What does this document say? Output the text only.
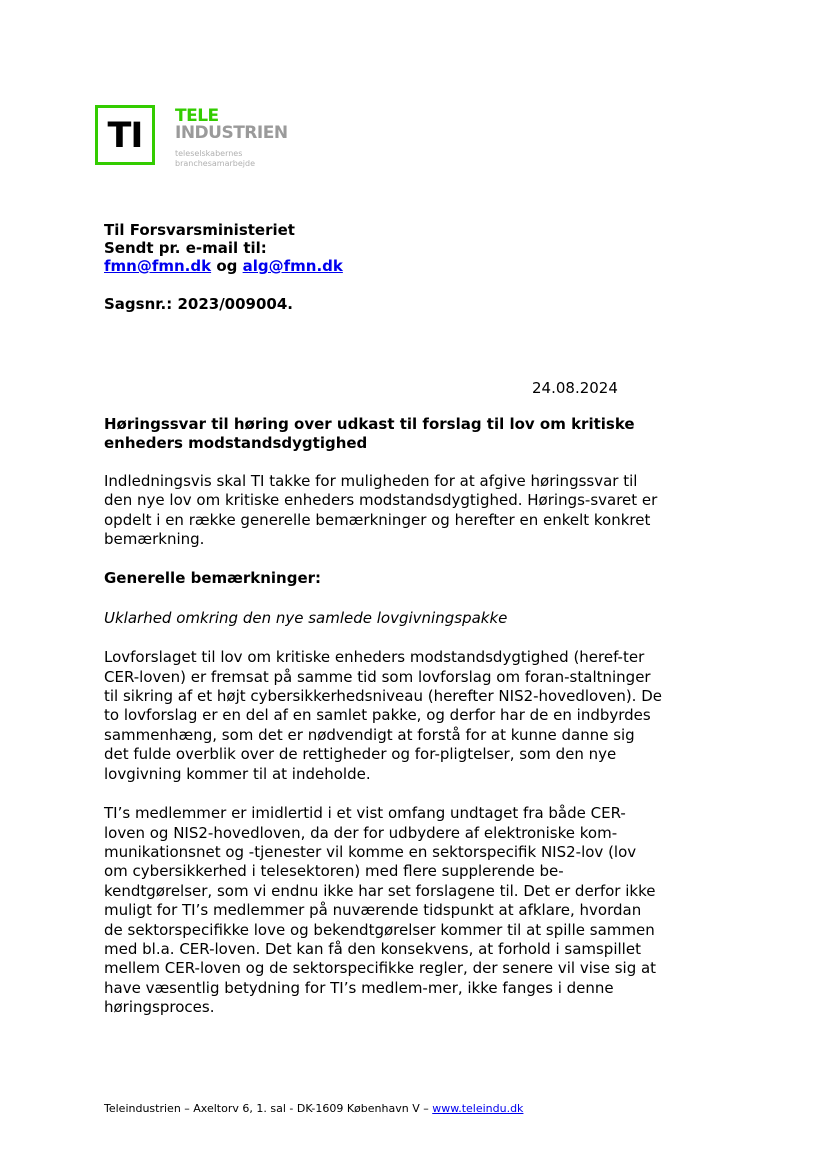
TI TELE
INDUSTRIEN
teleselskabernes
branchesamarbejde
Til Forsvarsministeriet
Sendt pr. e-mail til:
fmn@fmn.dk og alg@fmn.dk
Sagsnr.: 2023/009004.
24.08.2024

Høringssvar til høring over udkast til forslag til lov om kritiske enheders modstandsdygtighed

Indledningsvis skal TI takke for muligheden for at afgive høringssvar til den nye lov om kritiske enheders modstandsdygtighed. Hørings-svaret er opdelt i en række generelle bemærkninger og herefter en enkelt konkret bemærkning.

Generelle bemærkninger:

Uklarhed omkring den nye samlede lovgivningspakke

Lovforslaget til lov om kritiske enheders modstandsdygtighed (heref-ter CER-loven) er fremsat på samme tid som lovforslag om foran-staltninger til sikring af et højt cybersikkerhedsniveau (herefter NIS2-hovedloven). De to lovforslag er en del af en samlet pakke, og derfor har de en indbyrdes sammenhæng, som det er nødvendigt at forstå for at kunne danne sig det fulde overblik over de rettigheder og for-pligtelser, som den nye lovgivning kommer til at indeholde.

TI’s medlemmer er imidlertid i et vist omfang undtaget fra både CER-loven og NIS2-hovedloven, da der for udbydere af elektroniske kom-munikationsnet og -tjenester vil komme en sektorspecifik NIS2-lov (lov om cybersikkerhed i telesektoren) med flere supplerende be-kendtgørelser, som vi endnu ikke har set forslagene til. Det er derfor ikke muligt for TI’s medlemmer på nuværende tidspunkt at afklare, hvordan de sektorspecifikke love og bekendtgørelser kommer til at spille sammen med bl.a. CER-loven. Det kan få den konsekvens, at forhold i samspillet mellem CER-loven og de sektorspecifikke regler, der senere vil vise sig at have væsentlig betydning for TI’s medlem-mer, ikke fanges i denne høringsproces.

Teleindustrien – Axeltorv 6, 1. sal - DK-1609 København V – www.teleindu.dk
